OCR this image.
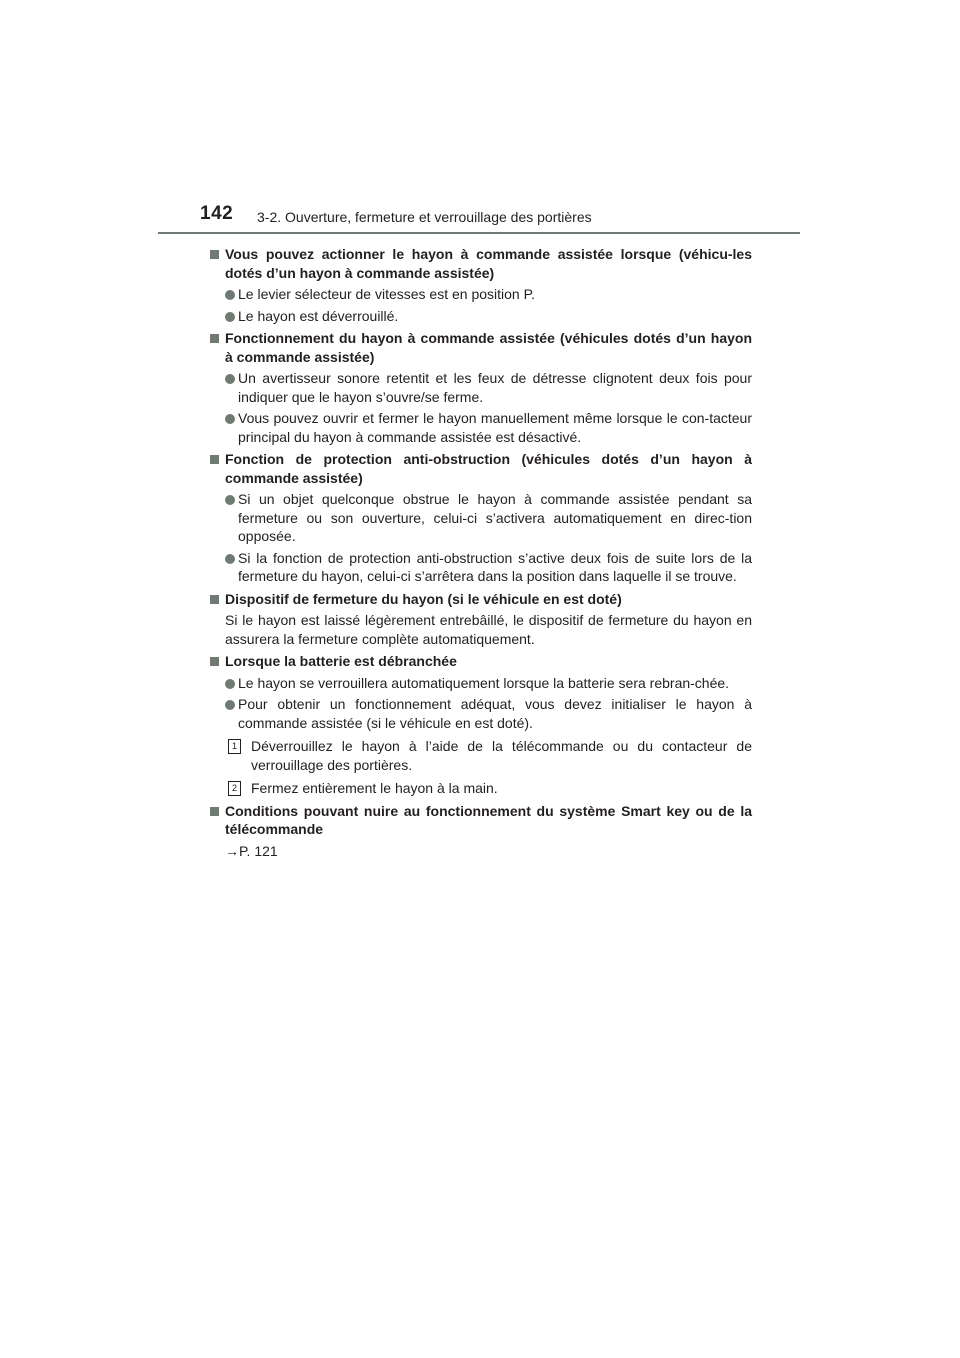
142 3-2. Ouverture, fermeture et verrouillage des portières
Vous pouvez actionner le hayon à commande assistée lorsque (véhicu-les dotés d’un hayon à commande assistée)
Le levier sélecteur de vitesses est en position P.
Le hayon est déverrouillé.
Fonctionnement du hayon à commande assistée (véhicules dotés d’un hayon à commande assistée)
Un avertisseur sonore retentit et les feux de détresse clignotent deux fois pour indiquer que le hayon s’ouvre/se ferme.
Vous pouvez ouvrir et fermer le hayon manuellement même lorsque le con-tacteur principal du hayon à commande assistée est désactivé.
Fonction de protection anti-obstruction (véhicules dotés d’un hayon à commande assistée)
Si un objet quelconque obstrue le hayon à commande assistée pendant sa fermeture ou son ouverture, celui-ci s’activera automatiquement en direc-tion opposée.
Si la fonction de protection anti-obstruction s’active deux fois de suite lors de la fermeture du hayon, celui-ci s’arrêtera dans la position dans laquelle il se trouve.
Dispositif de fermeture du hayon (si le véhicule en est doté)
Si le hayon est laissé légèrement entrebâillé, le dispositif de fermeture du hayon en assurera la fermeture complète automatiquement.
Lorsque la batterie est débranchée
Le hayon se verrouillera automatiquement lorsque la batterie sera rebran-chée.
Pour obtenir un fonctionnement adéquat, vous devez initialiser le hayon à commande assistée (si le véhicule en est doté).
1 Déverrouillez le hayon à l’aide de la télécommande ou du contacteur de verrouillage des portières.
2 Fermez entièrement le hayon à la main.
Conditions pouvant nuire au fonctionnement du système Smart key ou de la télécommande
→P. 121
